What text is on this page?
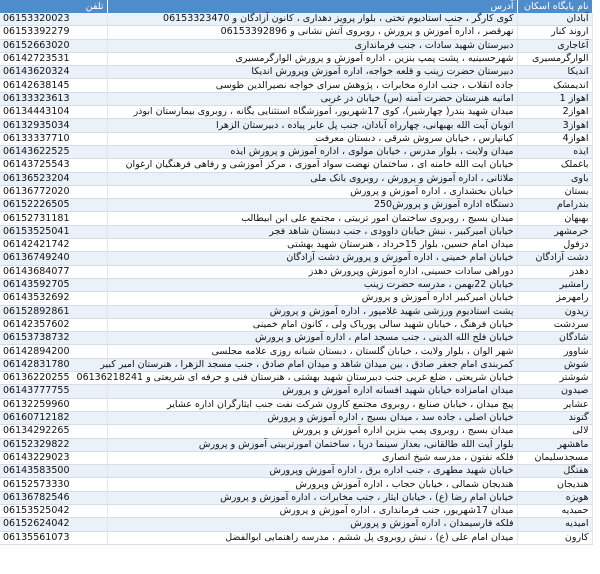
تلفن	آدرس	نام پایگاه اسکان
06153320023	کوی کارگر ، جنب استادیوم تختی ، بلوار پرویز دهداری ، کانون آزادگان و 06153323470	آبادان
06153392279	نهرقصر ، اداره آموزش و پرورش ، روبروی آتش نشانی و 06153392896	اروند کنار
06152663020	دبیرستان شهید سادات ، جنب فرمانداری	آغاجاری
06142723531	شهرحسینیه ، پشت پمپ بنزین ، اداره آموزش و پرورش الوارگرمسیری	الوارگرمسیری
06143620324	دبیرستان حضرت زینب و قلعه خواجه، اداره آموزش وپرورش اندیکا	اندیکا
06142638145	جاده انقلاب ، جنب اداره مخابرات ، پژوهش سرای خواجه نصیرالدین طوسی	اندیمشک
06133323613	امانیه هنرستان حضرت آمنه (س) خیابان در غربی	اهواز 1
06134443104	میدان شهید بندر( چهارشیر)، کوی 17شهریور، آموزشگاه استثنایی یگانه ، روبروی بیمارستان ابوذر	اهواز2
06132935034	اتوبان آیت الله بهبهانی، چهارراه آبادان، جنب پل عابر پیاده ، دبیرستان الزهرا	اهواز3
06133337710	کیانپارس ، خیابان سروش شرقی ، دبستان معرفت	اهواز4
06143622525	میدان ولایت ، بلوار مدرس ، خیابان مولوی ، اداره آموزش و پرورش ایذه	ایذه
06143725543	خیابان ایت الله خامنه ای ، ساختمان نهضت سواد آموزی ، مرکز آموزشی و رفاهی فرهنگیان ارغوان	باغملک
06136523204	ملاثانی ، اداره آموزش و پرورش ، روبروی بانک ملی	باوی
06136772020	خیابان بخشداری ، اداره آموزش و پرورش	بستان
06152226505	دستگاه اداره آموزش و پرورش250	بندرامام
06152731181	میدان بسیج ، روبروی ساختمان امور تربیتی ، مجتمع علی ابن ابیطالب	بهبهان
06153525041	خیابان امیرکبیر ، نبش خیابان داوودی ، جنب دبستان شاهد فجر	خرمشهر
06142421742	میدان امام حسین، بلوار 15خرداد ، هنرستان شهید بهشتی	دزفول
06136749240	خیابان امام خمینی ، اداره آموزش و پرورش دشت آزادگان	دشت آزادگان
06143684077	دوراهی سادات حسینی، اداره آموزش وپرورش دهدز	دهدز
06143592705	خیابان 22بهمن ، مدرسه حضرت زینب	رامشیر
06143532692	خیابان امیرکبیر اداره آموزش و پرورش	رامهرمز
06152892861	پشت استادیوم ورزشی شهید غلامپور ، اداره آموزش و پرورش	زیدون
06142357602	خیابان فرهنگ ، خیابان شهید سالی پوریاک ولی ، کانون امام خمینی	سردشت
06153738732	خیابان فلح الله الدینی ، جنب مسجد امام ، اداره آموزش و پرورش	شادگان
06142894200	شهر الوان ، بلوار ولایت ، خیابان گلستان ، دبستان شبانه روزی علامه مجلسی	شاوور
06142831780	کمربندی امام جعفر صادق ، بین میدان شاهد و میدان امام صادق ، جنب مسجد الزهرا ، هنرستان امیر کبیر	شوش
06136220255	خیابان شریعتی ، ضلع غربی جنب دبیرستان شهید بهشتی ، هنرستان فنی و حرفه ای شریعتی و 06136218241	شوشتر
06143777755	میدان امامزاده خیابان شهید افسانه اداره آموزش و پرورش	صیدون
06132259960	پیچ میدان ، خیابان صنایع ، روبروی مجتمع کارون شرکت نفت جنب ایثارگران اداره عشایر	عشایر
06160712182	خیابان اصلی ، جاده سد ، میدان بسیج ، اداره آموزش و پرورش	گتوند
06134292265	میدان بسیج ، روبروی پمپ بنزین اداره آموزش و پرورش	لالی
06152329822	بلوار آیت الله طالقانی، بعداز سینما دریا ، ساختمان امورتربیتی آموزش و پرورش	ماهشهر
06143229023	فلکه نفتون ، مدرسه شیخ انصاری	مسجدسلیمان
06143583500	خیابان شهید مطهری ، جنب اداره برق ، اداره آموزش وپرورش	هفتگل
06152573330	هندیجان شمالی ، خیابان حجاب ، اداره آموزش وپرورش	هندیجان
06136782546	خیابان امام رضا (ع) ، خیابان ایثار ، جنب مخابرات ، اداره آموزش و پرورش	هویزه
06153525042	میدان 17شهریور، جنب فرمانداری ، اداره آموزش و پرورش	حمیدیه
06152624042	فلکه فارسیمدان ، اداره آموزش و پرورش	امیدیه
06135561073	میدان امام علی (ع) ، نبش روبروی پل ششم ، مدرسه راهنمایی ابوالفضل	کارون
